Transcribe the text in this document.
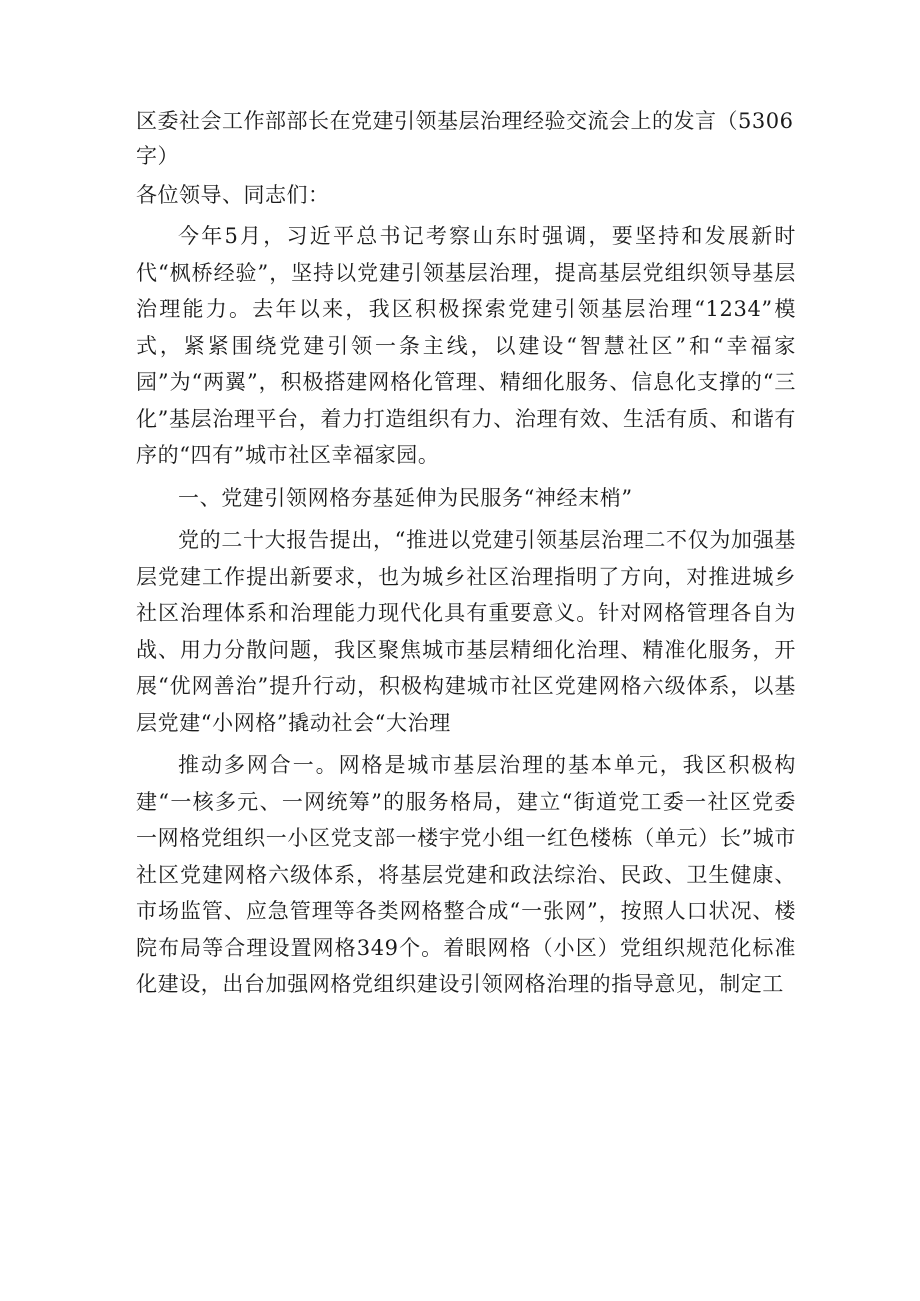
区委社会工作部部长在党建引领基层治理经验交流会上的发言（5306字）

各位领导、同志们：

今年5月，习近平总书记考察山东时强调，要坚持和发展新时代“枫桥经验”，坚持以党建引领基层治理，提高基层党组织领导基层治理能力。去年以来，我区积极探索党建引领基层治理“1234”模式，紧紧围绕党建引领一条主线，以建设“智慧社区”和“幸福家园”为“两翼”，积极搭建网格化管理、精细化服务、信息化支撑的“三化”基层治理平台，着力打造组织有力、治理有效、生活有质、和谐有序的“四有”城市社区幸福家园。

一、党建引领网格夯基延伸为民服务“神经末梢”

党的二十大报告提出，“推进以党建引领基层治理二不仅为加强基层党建工作提出新要求，也为城乡社区治理指明了方向，对推进城乡社区治理体系和治理能力现代化具有重要意义。针对网格管理各自为战、用力分散问题，我区聚焦城市基层精细化治理、精准化服务，开展“优网善治”提升行动，积极构建城市社区党建网格六级体系，以基层党建“小网格”撬动社会“大治理

推动多网合一。网格是城市基层治理的基本单元，我区积极构建“一核多元、一网统筹”的服务格局，建立“街道党工委一社区党委一网格党组织一小区党支部一楼宇党小组一红色楼栋（单元）长”城市社区党建网格六级体系，将基层党建和政法综治、民政、卫生健康、市场监管、应急管理等各类网格整合成“一张网”，按照人口状况、楼院布局等合理设置网格349个。着眼网格（小区）党组织规范化标准化建设，出台加强网格党组织建设引领网格治理的指导意见，制定工
